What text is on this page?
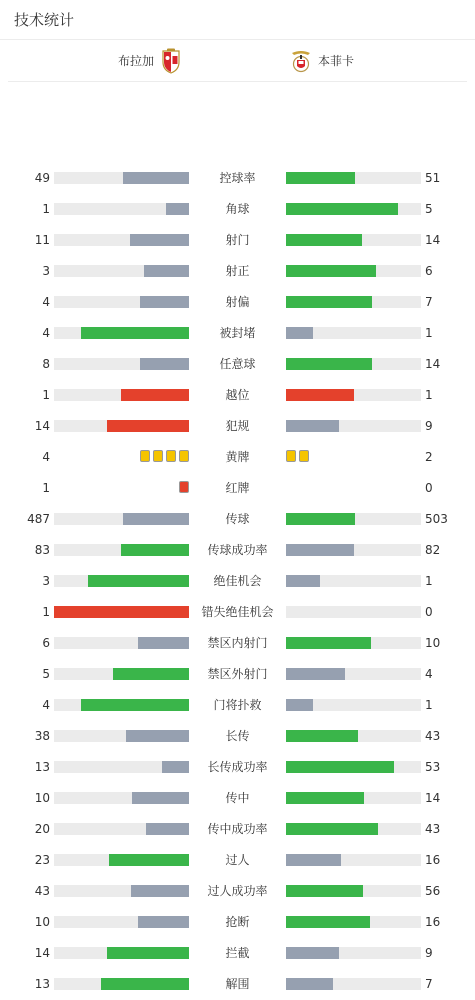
技术统计
布拉加	本菲卡
49	控球率	51
1	角球	5
11	射门	14
3	射正	6
4	射偏	7
4	被封堵	1
8	任意球	14
1	越位	1
14	犯规	9
4	黄牌	2
1	红牌	0
487	传球	503
83	传球成功率	82
3	绝佳机会	1
1	错失绝佳机会	0
6	禁区内射门	10
5	禁区外射门	4
4	门将扑救	1
38	长传	43
13	长传成功率	53
10	传中	14
20	传中成功率	43
23	过人	16
43	过人成功率	56
10	抢断	16
14	拦截	9
13	解围	7
